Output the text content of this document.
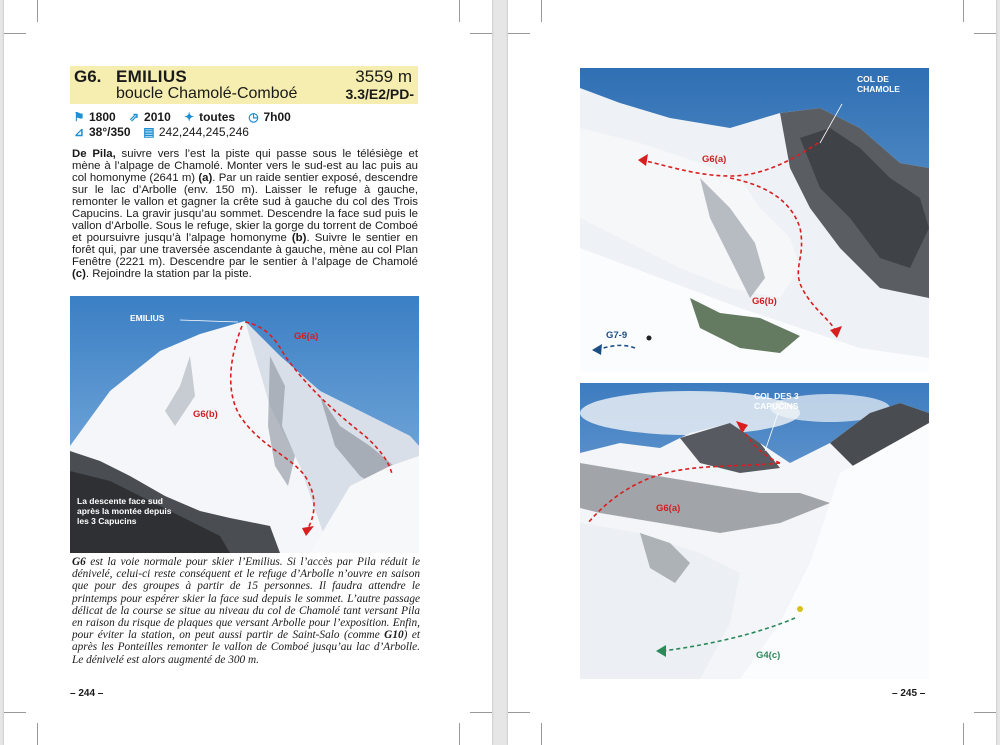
G6. EMILIUS	3559 m
boucle Chamolé-Comboé	3.3/E2/PD-
⚑ 1800 ⇗ 2010 ✦ toutes ◷ 7h00
⊿ 38°/350 ▤ 242,244,245,246
De Pila, suivre vers l’est la piste qui passe sous le télésiège et mène à l’alpage de Chamolé. Monter vers le sud-est au lac puis au col homonyme (2641 m) (a). Par un raide sentier exposé, descendre sur le lac d’Arbolle (env. 150 m). Laisser le refuge à gauche, remonter le vallon et gagner la crête sud à gauche du col des Trois Capucins. La gravir jusqu’au sommet. Descendre la face sud puis le vallon d’Arbolle. Sous le refuge, skier la gorge du torrent de Comboé et poursuivre jusqu’à l’alpage homonyme (b). Suivre le sentier en forêt qui, par une traversée ascendante à gauche, mène au col Plan Fenêtre (2221 m). Descendre par le sentier à l’alpage de Chamolé (c). Rejoindre la station par la piste.
EMILIUS
G6(a)
G6(b)
La descente face sud
après la montée depuis
les 3 Capucins
G6 est la voie normale pour skier l’Emilius. Si l’accès par Pila réduit le dénivelé, celui-ci reste conséquent et le refuge d’Arbolle n’ouvre en saison que pour des groupes à partir de 15 personnes. Il faudra attendre le printemps pour espérer skier la face sud depuis le sommet. L’autre passage délicat de la course se situe au niveau du col de Chamolé tant versant Pila en raison du risque de plaques que versant Arbolle pour l’exposition. Enfin, pour éviter la station, on peut aussi partir de Saint-Salo (comme G10) et après les Ponteilles remonter le vallon de Comboé jusqu’au lac d’Arbolle. Le dénivelé est alors augmenté de 300 m.
– 244 –
COL DE
CHAMOLE
G6(a)
G6(b)
G7-9
COL DES 3
CAPUCINS
G6(a)
G4(c)
– 245 –
